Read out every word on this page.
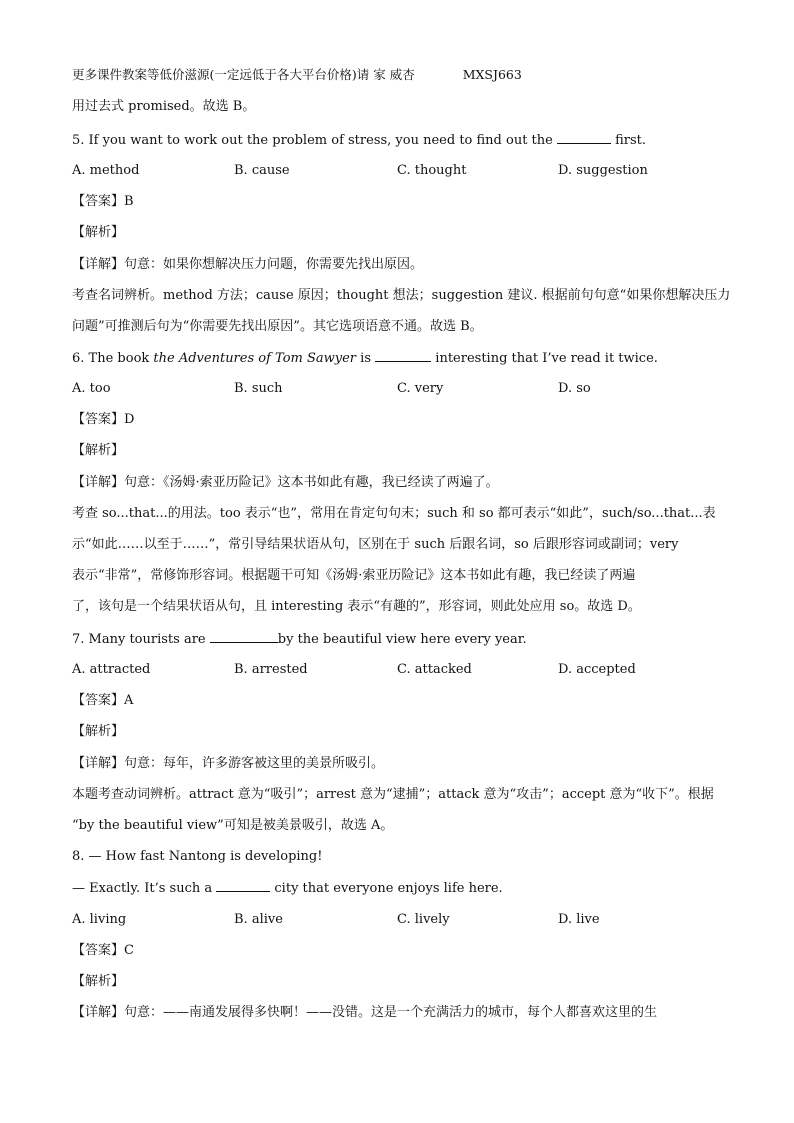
更多课件教案等低价滋源(一定远低于各大平台价格)请 家 威杏	MXSJ663
用过去式 promised。故选 B。
5. If you want to work out the problem of stress, you need to find out the	first.
A. method	B. cause	C. thought	D. suggestion
【答案】B
【解析】
【详解】句意：如果你想解决压力问题，你需要先找出原因。
考查名词辨析。method 方法；cause 原因；thought 想法；suggestion 建议. 根据前句句意“如果你想解决压力
问题”可推测后句为“你需要先找出原因”。其它选项语意不通。故选 B。
6. The book the Adventures of Tom Sawyer is	interesting that I’ve read it twice.
A. too	B. such	C. very	D. so
【答案】D
【解析】
【详解】句意：《汤姆·索亚历险记》这本书如此有趣，我已经读了两遍了。
考查 so...that...的用法。too 表示“也”，常用在肯定句句末；such 和 so 都可表示“如此”，such/so...that...表
示“如此……以至于……”，常引导结果状语从句，区别在于 such 后跟名词，so 后跟形容词或副词；very
表示“非常”，常修饰形容词。根据题干可知《汤姆·索亚历险记》这本书如此有趣，我已经读了两遍
了，该句是一个结果状语从句，且 interesting 表示“有趣的”，形容词，则此处应用 so。故选 D。
7. Many tourists are	by the beautiful view here every year.
A. attracted	B. arrested	C. attacked	D. accepted
【答案】A
【解析】
【详解】句意：每年，许多游客被这里的美景所吸引。
本题考查动词辨析。attract 意为“吸引”；arrest 意为“逮捕”；attack 意为“攻击”；accept 意为“收下”。根据
“by the beautiful view”可知是被美景吸引，故选 A。
8. — How fast Nantong is developing!
— Exactly. It’s such a	city that everyone enjoys life here.
A. living	B. alive	C. lively	D. live
【答案】C
【解析】
【详解】句意：——南通发展得多快啊！——没错。这是一个充满活力的城市，每个人都喜欢这里的生
